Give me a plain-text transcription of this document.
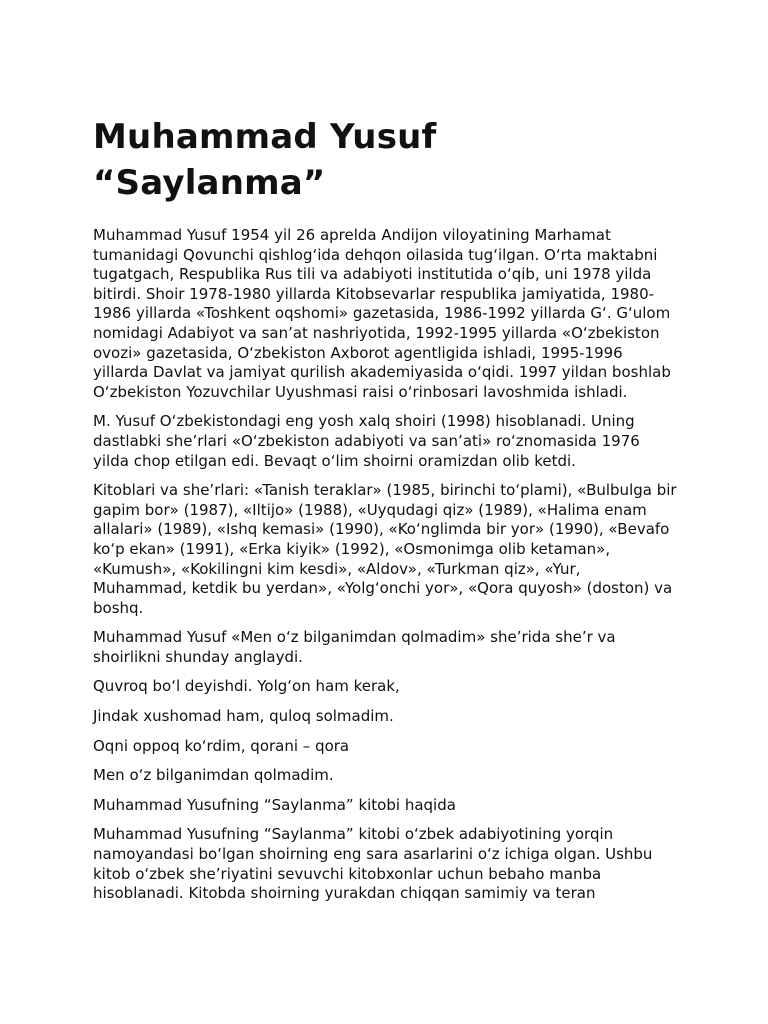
Muhammad Yusuf
“Saylanma”

Muhammad Yusuf 1954 yil 26 aprelda Andijon viloyatining Marhamat tumanidagi Qovunchi qishlog‘ida dehqon oilasida tug‘ilgan. O‘rta maktabni tugatgach, Respublika Rus tili va adabiyoti institutida o‘qib, uni 1978 yilda bitirdi. Shoir 1978-1980 yillarda Kitobsevarlar respublika jamiyatida, 1980-1986 yillarda «Toshkent oqshomi» gazetasida, 1986-1992 yillarda G‘. G‘ulom nomidagi Adabiyot va san’at nashriyotida, 1992-1995 yillarda «O‘zbekiston ovozi» gazetasida, O‘zbekiston Axborot agentligida ishladi, 1995-1996 yillarda Davlat va jamiyat qurilish akademiyasida o‘qidi. 1997 yildan boshlab O‘zbekiston Yozuvchilar Uyushmasi raisi o‘rinbosari lavoshmida ishladi.

M. Yusuf O‘zbekistondagi eng yosh xalq shoiri (1998) hisoblanadi. Uning dastlabki she’rlari «O‘zbekiston adabiyoti va san’ati» ro‘znomasida 1976 yilda chop etilgan edi. Bevaqt o‘lim shoirni oramizdan olib ketdi.

Kitoblari va she’rlari: «Tanish teraklar» (1985, birinchi to‘plami), «Bulbulga bir gapim bor» (1987), «Iltijo» (1988), «Uyqudagi qiz» (1989), «Halima enam allalari» (1989), «Ishq kemasi» (1990), «Ko‘nglimda bir yor» (1990), «Bevafo ko‘p ekan» (1991), «Erka kiyik» (1992), «Osmonimga olib ketaman», «Kumush», «Kokilingni kim kesdi», «Aldov», «Turkman qiz», «Yur, Muhammad, ketdik bu yerdan», «Yolg‘onchi yor», «Qora quyosh» (doston) va boshq.

Muhammad Yusuf «Men o‘z bilganimdan qolmadim» she’rida she’r va shoirlikni shunday anglaydi.

Quvroq bo‘l deyishdi. Yolg‘on ham kerak,

Jindak xushomad ham, quloq solmadim.

Oqni oppoq ko‘rdim, qorani – qora

Men o‘z bilganimdan qolmadim.

Muhammad Yusufning “Saylanma” kitobi haqida

Muhammad Yusufning “Saylanma” kitobi o‘zbek adabiyotining yorqin namoyandasi bo‘lgan shoirning eng sara asarlarini o‘z ichiga olgan. Ushbu kitob o‘zbek she’riyatini sevuvchi kitobxonlar uchun bebaho manba hisoblanadi. Kitobda shoirning yurakdan chiqqan samimiy va teran
